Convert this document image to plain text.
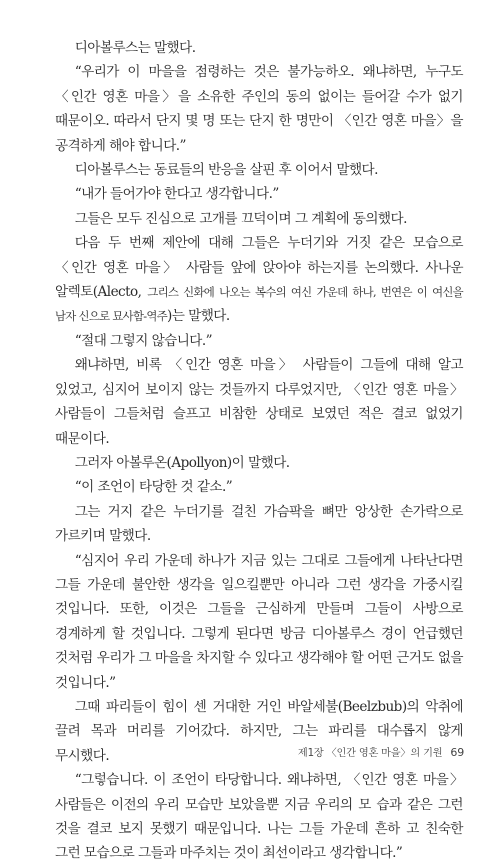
디아볼루스는 말했다.

“우리가 이 마을을 점령하는 것은 불가능하오. 왜냐하면, 누구도 〈인간 영혼 마을〉을 소유한 주인의 동의 없이는 들어갈 수가 없기 때문이오. 따라서 단지 몇 명 또는 단지 한 명만이 〈인간 영혼 마을〉을 공격하게 해야 합니다.”

디아볼루스는 동료들의 반응을 살핀 후 이어서 말했다.

“내가 들어가야 한다고 생각합니다.”

그들은 모두 진심으로 고개를 끄덕이며 그 계획에 동의했다.

다음 두 번째 제안에 대해 그들은 누더기와 거짓 같은 모습으로 〈인간 영혼 마을〉 사람들 앞에 앉아야 하는지를 논의했다. 사나운 알렉토(Alecto, 그리스 신화에 나오는 복수의 여신 가운데 하나, 번연은 이 여신을 남자 신으로 묘사함-역주)는 말했다.

“절대 그렇지 않습니다.”

왜냐하면, 비록 〈인간 영혼 마을〉 사람들이 그들에 대해 알고 있었고, 심지어 보이지 않는 것들까지 다루었지만, 〈인간 영혼 마을〉 사람들이 그들처럼 슬프고 비참한 상태로 보였던 적은 결코 없었기 때문이다.

그러자 아볼루온(Apollyon)이 말했다.

“이 조언이 타당한 것 같소.”

그는 거지 같은 누더기를 걸친 가슴팍을 뼈만 앙상한 손가락으로 가르키며 말했다.

“심지어 우리 가운데 하나가 지금 있는 그대로 그들에게 나타난다면 그들 가운데 불안한 생각을 일으킬뿐만 아니라 그런 생각을 가중시킬 것입니다. 또한, 이것은 그들을 근심하게 만들며 그들이 사방으로 경계하게 할 것입니다. 그렇게 된다면 방금 디아볼루스 경이 언급했던 것처럼 우리가 그 마을을 차지할 수 있다고 생각해야 할 어떤 근거도 없을 것입니다.”

그때 파리들이 힘이 센 거대한 거인 바알세불(Beelzbub)의 악취에 끌려 목과 머리를 기어갔다. 하지만, 그는 파리를 대수롭지 않게 무시했다.

“그렇습니다. 이 조언이 타당합니다. 왜냐하면, 〈인간 영혼 마을〉 사람들은 이전의 우리 모습만 보았을뿐 지금 우리의 모 습과 같은 그런 것을 결코 보지 못했기 때문입니다. 나는 그들 가운데 흔하 고 친숙한 그런 모습으로 그들과 마주치는 것이 최선이라고 생각합니다.”

제1장 〈인간 영혼 마을〉의 기원 69
